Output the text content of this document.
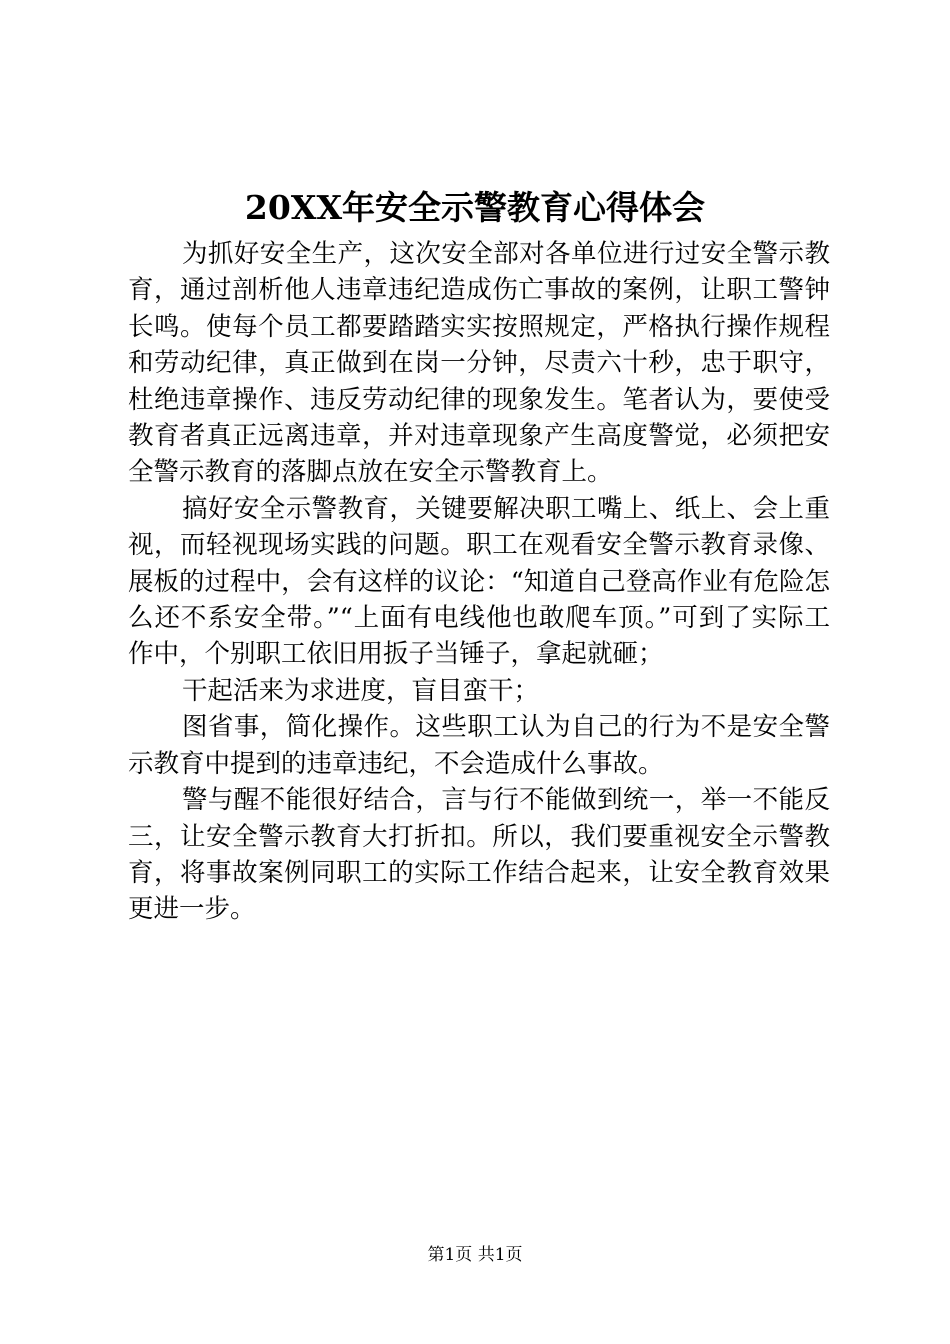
20XX年安全示警教育心得体会

为抓好安全生产，这次安全部对各单位进行过安全警示教育，通过剖析他人违章违纪造成伤亡事故的案例，让职工警钟长鸣。使每个员工都要踏踏实实按照规定，严格执行操作规程和劳动纪律，真正做到在岗一分钟，尽责六十秒，忠于职守，杜绝违章操作、违反劳动纪律的现象发生。笔者认为，要使受教育者真正远离违章，并对违章现象产生高度警觉，必须把安全警示教育的落脚点放在安全示警教育上。

搞好安全示警教育，关键要解决职工嘴上、纸上、会上重视，而轻视现场实践的问题。职工在观看安全警示教育录像、展板的过程中，会有这样的议论：“知道自己登高作业有危险怎么还不系安全带。”“上面有电线他也敢爬车顶。”可到了实际工作中，个别职工依旧用扳子当锤子，拿起就砸；

干起活来为求进度，盲目蛮干；

图省事，简化操作。这些职工认为自己的行为不是安全警示教育中提到的违章违纪，不会造成什么事故。

警与醒不能很好结合，言与行不能做到统一，举一不能反三，让安全警示教育大打折扣。所以，我们要重视安全示警教育，将事故案例同职工的实际工作结合起来，让安全教育效果更进一步。

第1页 共1页
